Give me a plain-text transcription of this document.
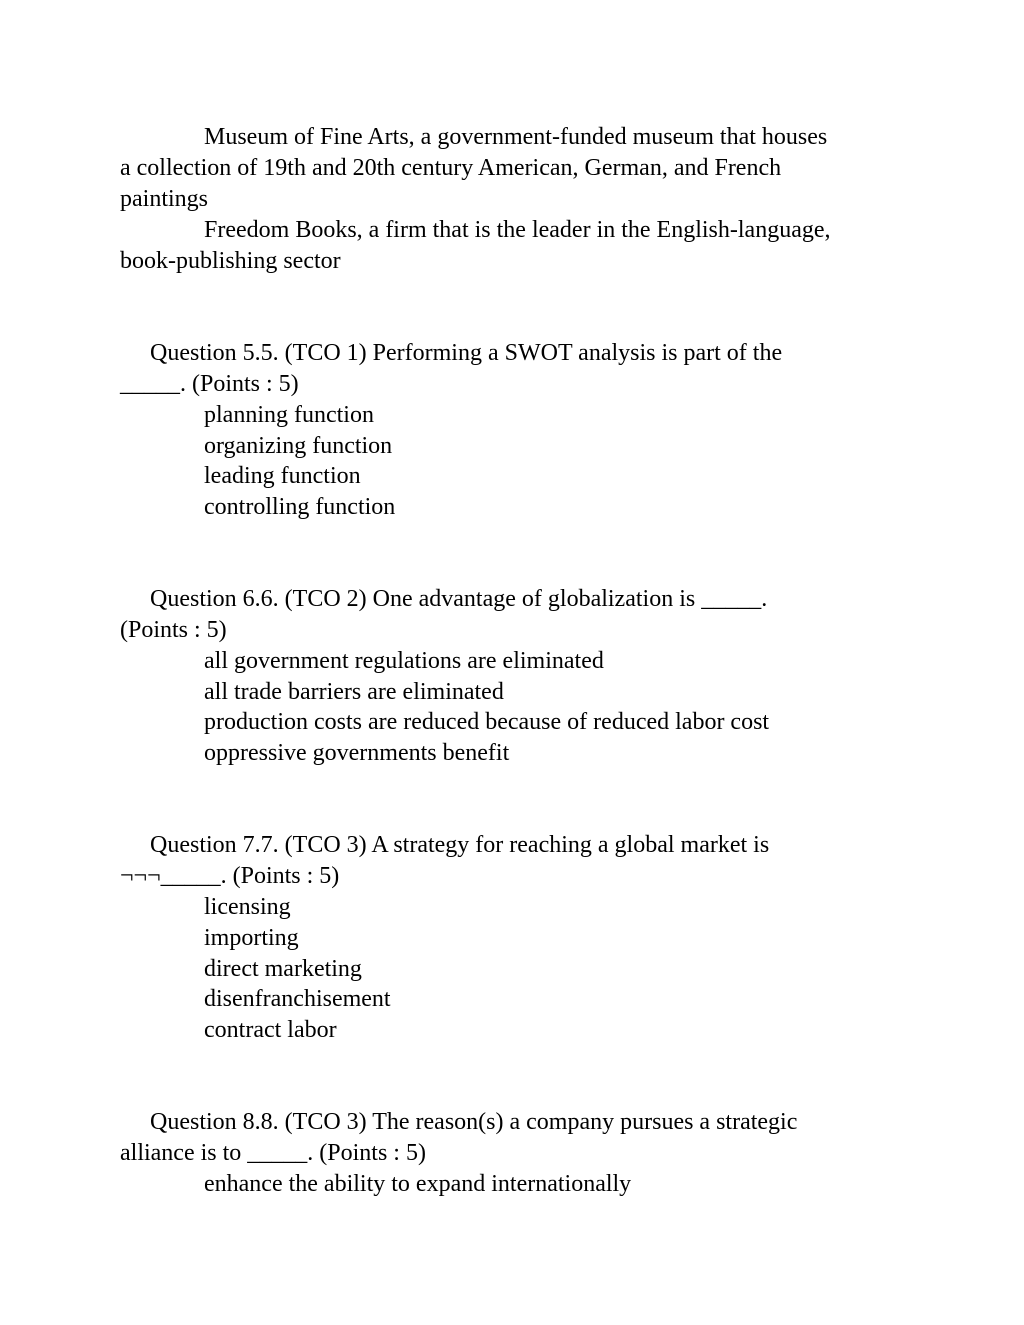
Museum of Fine Arts, a government-funded museum that houses
a collection of 19th and 20th century American, German, and French
paintings
Freedom Books, a firm that is the leader in the English-language,
book-publishing sector
Question 5.5. (TCO 1) Performing a SWOT analysis is part of the
_____. (Points : 5)
planning function
organizing function
leading function
controlling function
Question 6.6. (TCO 2) One advantage of globalization is _____.
(Points : 5)
all government regulations are eliminated
all trade barriers are eliminated
production costs are reduced because of reduced labor cost
oppressive governments benefit
Question 7.7. (TCO 3) A strategy for reaching a global market is
¬¬¬_____. (Points : 5)
licensing
importing
direct marketing
disenfranchisement
contract labor
Question 8.8. (TCO 3) The reason(s) a company pursues a strategic
alliance is to _____. (Points : 5)
enhance the ability to expand internationally
